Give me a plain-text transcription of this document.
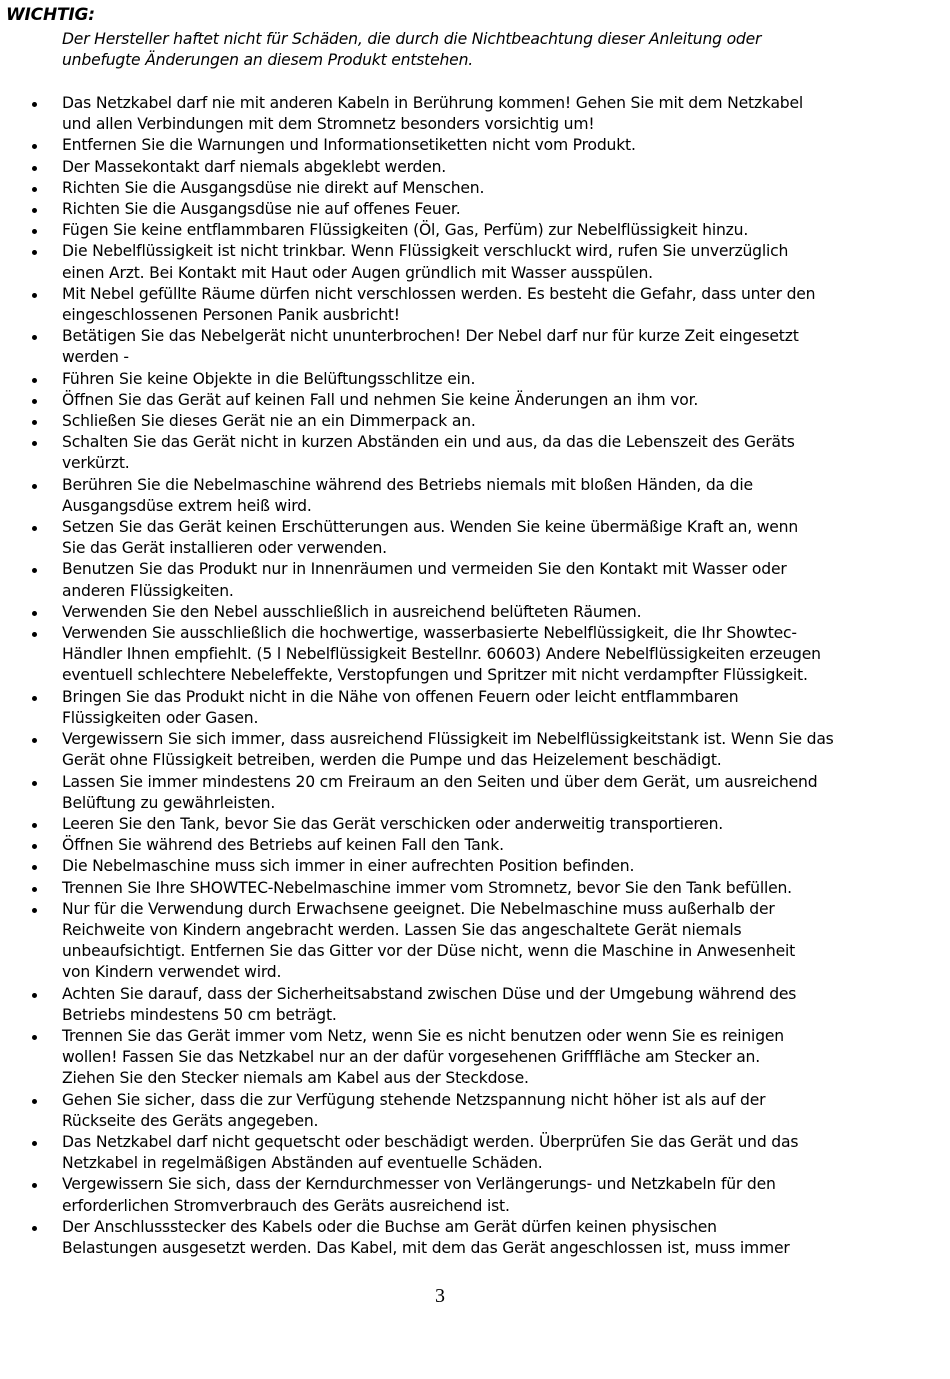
WICHTIG:

Der Hersteller haftet nicht für Schäden, die durch die Nichtbeachtung dieser Anleitung oder
unbefugte Änderungen an diesem Produkt entstehen.

Das Netzkabel darf nie mit anderen Kabeln in Berührung kommen! Gehen Sie mit dem Netzkabel
und allen Verbindungen mit dem Stromnetz besonders vorsichtig um!
Entfernen Sie die Warnungen und Informationsetiketten nicht vom Produkt.
Der Massekontakt darf niemals abgeklebt werden.
Richten Sie die Ausgangsdüse nie direkt auf Menschen.
Richten Sie die Ausgangsdüse nie auf offenes Feuer.
Fügen Sie keine entflammbaren Flüssigkeiten (Öl, Gas, Perfüm) zur Nebelflüssigkeit hinzu.
Die Nebelflüssigkeit ist nicht trinkbar. Wenn Flüssigkeit verschluckt wird, rufen Sie unverzüglich
einen Arzt. Bei Kontakt mit Haut oder Augen gründlich mit Wasser ausspülen.
Mit Nebel gefüllte Räume dürfen nicht verschlossen werden. Es besteht die Gefahr, dass unter den
eingeschlossenen Personen Panik ausbricht!
Betätigen Sie das Nebelgerät nicht ununterbrochen! Der Nebel darf nur für kurze Zeit eingesetzt
werden -
Führen Sie keine Objekte in die Belüftungsschlitze ein.
Öffnen Sie das Gerät auf keinen Fall und nehmen Sie keine Änderungen an ihm vor.
Schließen Sie dieses Gerät nie an ein Dimmerpack an.
Schalten Sie das Gerät nicht in kurzen Abständen ein und aus, da das die Lebenszeit des Geräts
verkürzt.
Berühren Sie die Nebelmaschine während des Betriebs niemals mit bloßen Händen, da die
Ausgangsdüse extrem heiß wird.
Setzen Sie das Gerät keinen Erschütterungen aus. Wenden Sie keine übermäßige Kraft an, wenn
Sie das Gerät installieren oder verwenden.
Benutzen Sie das Produkt nur in Innenräumen und vermeiden Sie den Kontakt mit Wasser oder
anderen Flüssigkeiten.
Verwenden Sie den Nebel ausschließlich in ausreichend belüfteten Räumen.
Verwenden Sie ausschließlich die hochwertige, wasserbasierte Nebelflüssigkeit, die Ihr Showtec-
Händler Ihnen empfiehlt. (5 l Nebelflüssigkeit Bestellnr. 60603) Andere Nebelflüssigkeiten erzeugen
eventuell schlechtere Nebeleffekte, Verstopfungen und Spritzer mit nicht verdampfter Flüssigkeit.
Bringen Sie das Produkt nicht in die Nähe von offenen Feuern oder leicht entflammbaren
Flüssigkeiten oder Gasen.
Vergewissern Sie sich immer, dass ausreichend Flüssigkeit im Nebelflüssigkeitstank ist. Wenn Sie das
Gerät ohne Flüssigkeit betreiben, werden die Pumpe und das Heizelement beschädigt.
Lassen Sie immer mindestens 20 cm Freiraum an den Seiten und über dem Gerät, um ausreichend
Belüftung zu gewährleisten.
Leeren Sie den Tank, bevor Sie das Gerät verschicken oder anderweitig transportieren.
Öffnen Sie während des Betriebs auf keinen Fall den Tank.
Die Nebelmaschine muss sich immer in einer aufrechten Position befinden.
Trennen Sie Ihre SHOWTEC-Nebelmaschine immer vom Stromnetz, bevor Sie den Tank befüllen.
Nur für die Verwendung durch Erwachsene geeignet. Die Nebelmaschine muss außerhalb der
Reichweite von Kindern angebracht werden. Lassen Sie das angeschaltete Gerät niemals
unbeaufsichtigt. Entfernen Sie das Gitter vor der Düse nicht, wenn die Maschine in Anwesenheit
von Kindern verwendet wird.
Achten Sie darauf, dass der Sicherheitsabstand zwischen Düse und der Umgebung während des
Betriebs mindestens 50 cm beträgt.
Trennen Sie das Gerät immer vom Netz, wenn Sie es nicht benutzen oder wenn Sie es reinigen
wollen! Fassen Sie das Netzkabel nur an der dafür vorgesehenen Grifffläche am Stecker an.
Ziehen Sie den Stecker niemals am Kabel aus der Steckdose.
Gehen Sie sicher, dass die zur Verfügung stehende Netzspannung nicht höher ist als auf der
Rückseite des Geräts angegeben.
Das Netzkabel darf nicht gequetscht oder beschädigt werden. Überprüfen Sie das Gerät und das
Netzkabel in regelmäßigen Abständen auf eventuelle Schäden.
Vergewissern Sie sich, dass der Kerndurchmesser von Verlängerungs- und Netzkabeln für den
erforderlichen Stromverbrauch des Geräts ausreichend ist.
Der Anschlussstecker des Kabels oder die Buchse am Gerät dürfen keinen physischen
Belastungen ausgesetzt werden. Das Kabel, mit dem das Gerät angeschlossen ist, muss immer
3
